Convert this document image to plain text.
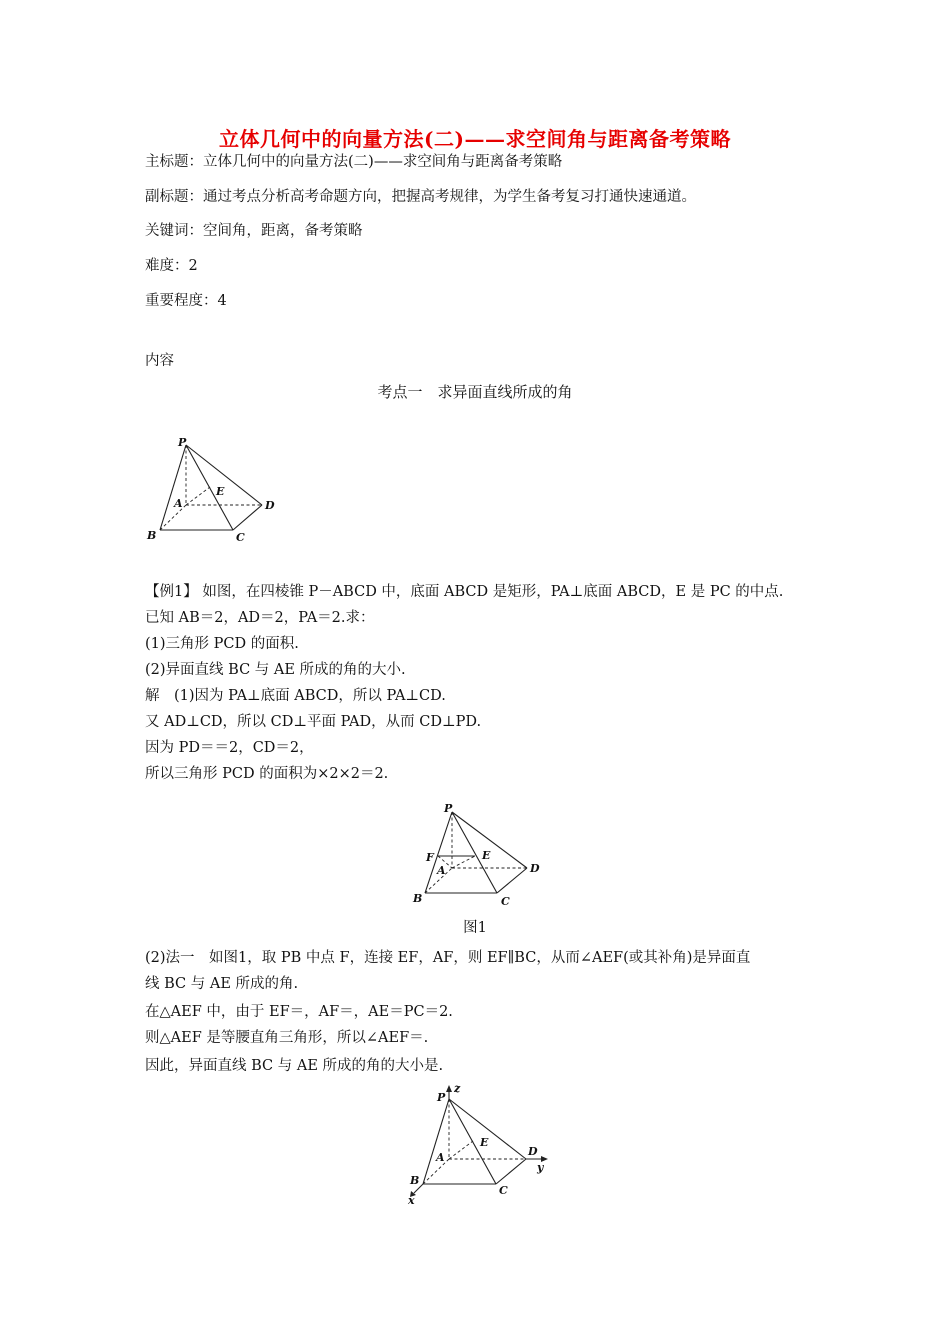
立体几何中的向量方法(二)——求空间角与距离备考策略
主标题：立体几何中的向量方法(二)——求空间角与距离备考策略
副标题：通过考点分析高考命题方向，把握高考规律，为学生备考复习打通快速通道。
关键词：空间角，距离，备考策略
难度：2
重要程度：4
内容
考点一　求异面直线所成的角
P
A
B	C
D
E
【例1】 如图，在四棱锥 P－ABCD 中，底面 ABCD 是矩形，PA⊥底面 ABCD，E 是 PC 的中点.
已知 AB＝2，AD＝2，PA＝2.求：
(1)三角形 PCD 的面积.
(2)异面直线 BC 与 AE 所成的角的大小.
解　(1)因为 PA⊥底面 ABCD，所以 PA⊥CD.
又 AD⊥CD，所以 CD⊥平面 PAD，从而 CD⊥PD.
因为 PD＝＝2，CD＝2，
所以三角形 PCD 的面积为×2×2＝2.
P
F
A
B	C
D
E
图1
(2)法一　如图1，取 PB 中点 F，连接 EF，AF，则 EF∥BC，从而∠AEF(或其补角)是异面直
线 BC 与 AE 所成的角.
在△AEF 中，由于 EF＝，AF＝，AE＝PC＝2.
则△AEF 是等腰直角三角形，所以∠AEF＝.
因此，异面直线 BC 与 AE 所成的角的大小是.
z
P
A
B
C
D
E
y
x
